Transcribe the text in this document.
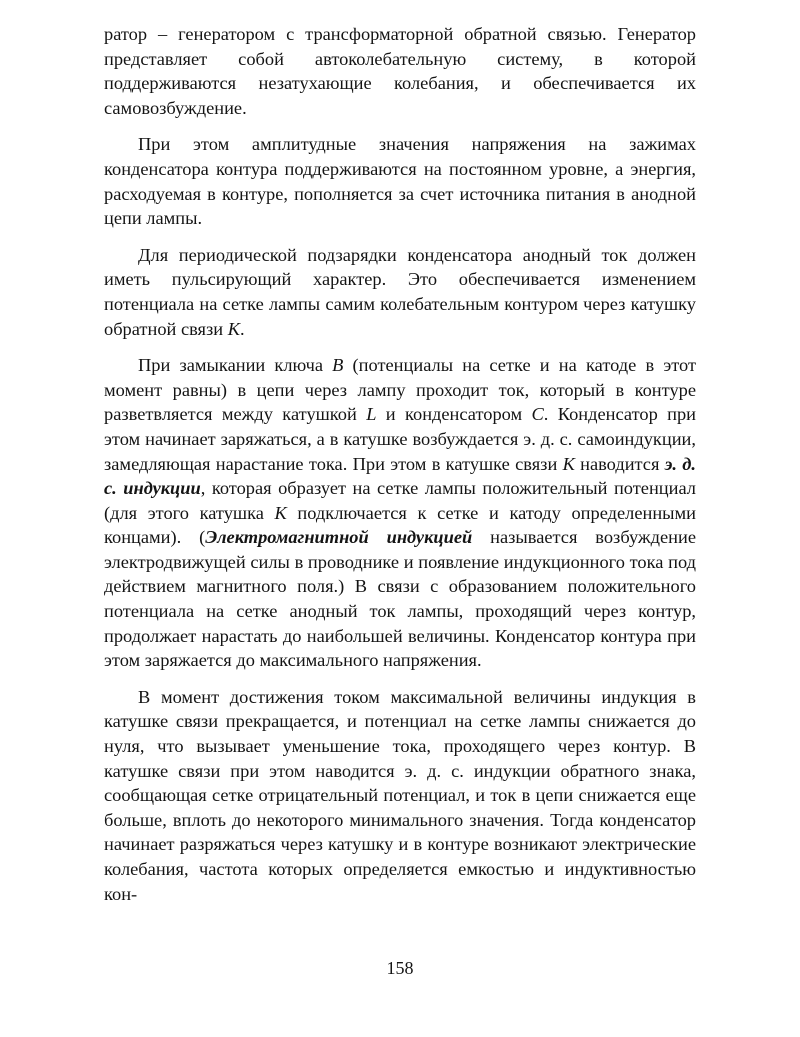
ратор – генератором с трансформаторной обратной связью. Генератор представляет собой автоколебательную систему, в которой поддерживаются незатухающие колебания, и обеспечивается их самовозбуждение.

При этом амплитудные значения напряжения на зажимах конденсатора контура поддерживаются на постоянном уровне, а энергия, расходуемая в контуре, пополняется за счет источника питания в анодной цепи лампы.

Для периодической подзарядки конденсатора анодный ток должен иметь пульсирующий характер. Это обеспечивается изменением потенциала на сетке лампы самим колебательным контуром через катушку обратной связи К.

При замыкании ключа В (потенциалы на сетке и на катоде в этот момент равны) в цепи через лампу проходит ток, который в контуре разветвляется между катушкой L и конденсатором С. Конденсатор при этом начинает заряжаться, а в катушке возбуждается э. д. с. самоиндукции, замедляющая нарастание тока. При этом в катушке связи К наводится э. д. с. индукции, которая образует на сетке лампы положительный потенциал (для этого катушка К подключается к сетке и катоду определенными концами). (Электромагнитной индукцией называется возбуждение электродвижущей силы в проводнике и появление индукционного тока под действием магнитного поля.) В связи с образованием положительного потенциала на сетке анодный ток лампы, проходящий через контур, продолжает нарастать до наибольшей величины. Конденсатор контура при этом заряжается до максимального напряжения.

В момент достижения током максимальной величины индукция в катушке связи прекращается, и потенциал на сетке лампы снижается до нуля, что вызывает уменьшение тока, проходящего через контур. В катушке связи при этом наводится э. д. с. индукции обратного знака, сообщающая сетке отрицательный потенциал, и ток в цепи снижается еще больше, вплоть до некоторого минимального значения. Тогда конденсатор начинает разряжаться через катушку и в контуре возникают электрические колебания, частота которых определяется емкостью и индуктивностью кон-

158
